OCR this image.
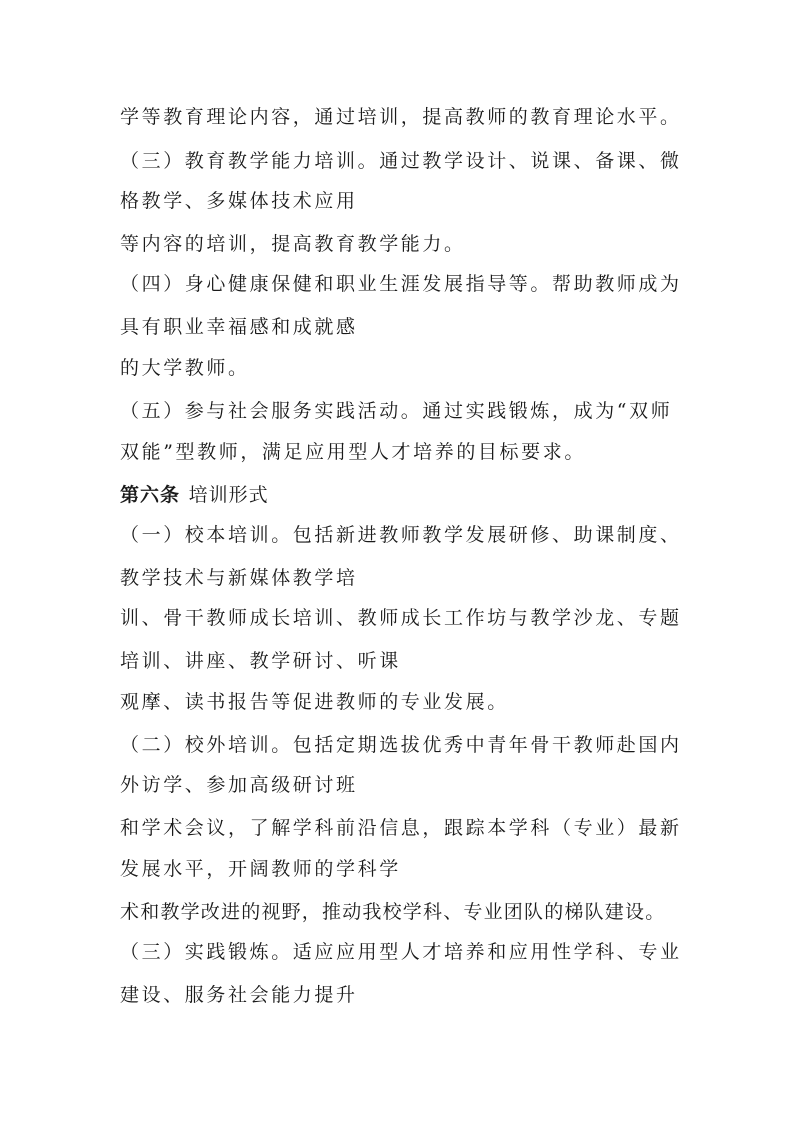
学等教育理论内容，通过培训，提高教师的教育理论水平。
（三）教育教学能力培训。通过教学设计、说课、备课、微
格教学、多媒体技术应用
等内容的培训，提高教育教学能力。
（四）身心健康保健和职业生涯发展指导等。帮助教师成为
具有职业幸福感和成就感
的大学教师。
（五）参与社会服务实践活动。通过实践锻炼，成为“双师
双能”型教师，满足应用型人才培养的目标要求。
第六条 培训形式
（一）校本培训。包括新进教师教学发展研修、助课制度、
教学技术与新媒体教学培
训、骨干教师成长培训、教师成长工作坊与教学沙龙、专题
培训、讲座、教学研讨、听课
观摩、读书报告等促进教师的专业发展。
（二）校外培训。包括定期选拔优秀中青年骨干教师赴国内
外访学、参加高级研讨班
和学术会议，了解学科前沿信息，跟踪本学科（专业）最新
发展水平，开阔教师的学科学
术和教学改进的视野，推动我校学科、专业团队的梯队建设。
（三）实践锻炼。适应应用型人才培养和应用性学科、专业
建设、服务社会能力提升
